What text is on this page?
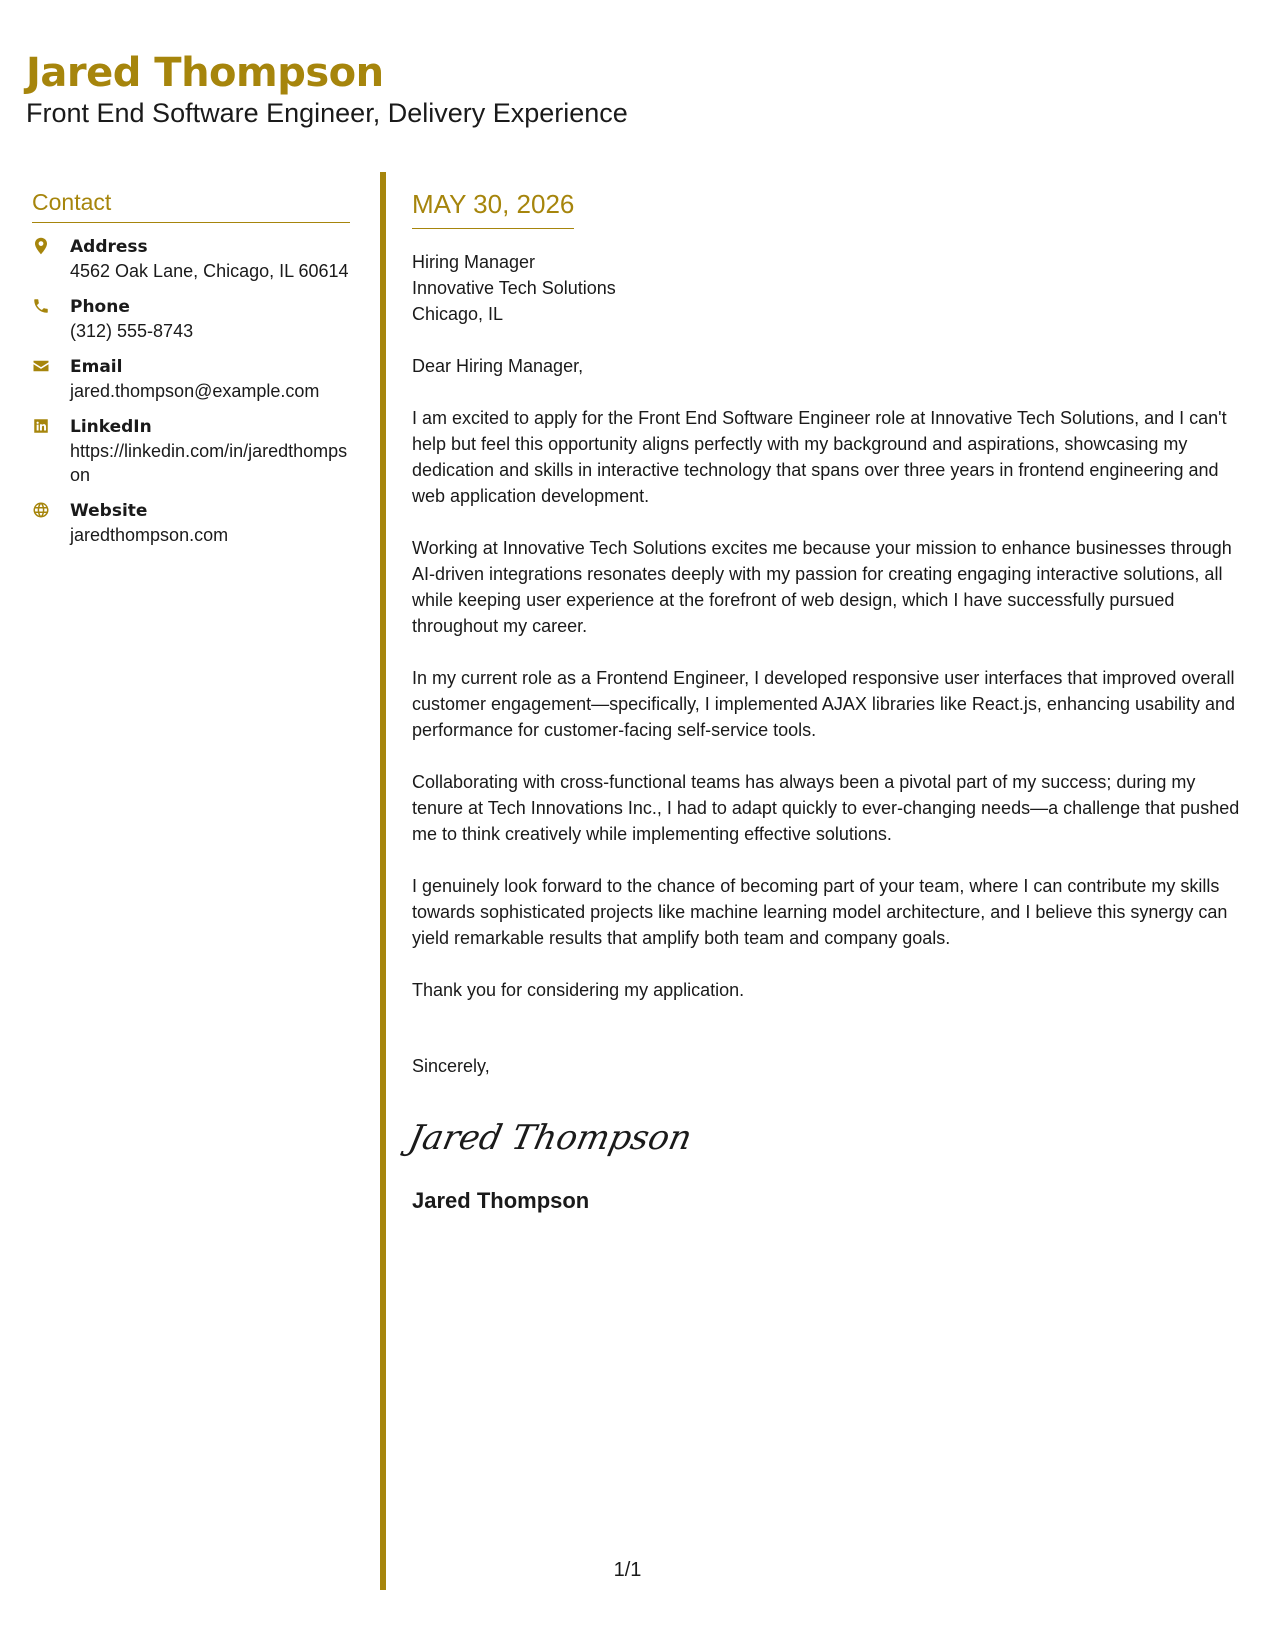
Jared Thompson

Front End Software Engineer, Delivery Experience

Contact
Address
4562 Oak Lane, Chicago, IL 60614
Phone
(312) 555-8743
Email
jared.thompson@example.com
LinkedIn
https://linkedin.com/in/jaredthompson
Website
jaredthompson.com
MAY 30, 2026

Hiring Manager

Innovative Tech Solutions

Chicago, IL

Dear Hiring Manager,

I am excited to apply for the Front End Software Engineer role at Innovative Tech Solutions, and I can't help but feel this opportunity aligns perfectly with my background and aspirations, showcasing my dedication and skills in interactive technology that spans over three years in frontend engineering and web application development.

Working at Innovative Tech Solutions excites me because your mission to enhance businesses through AI-driven integrations resonates deeply with my passion for creating engaging interactive solutions, all while keeping user experience at the forefront of web design, which I have successfully pursued throughout my career.

In my current role as a Frontend Engineer, I developed responsive user interfaces that improved overall customer engagement—specifically, I implemented AJAX libraries like React.js, enhancing usability and performance for customer-facing self-service tools.

Collaborating with cross-functional teams has always been a pivotal part of my success; during my tenure at Tech Innovations Inc., I had to adapt quickly to ever-changing needs—a challenge that pushed me to think creatively while implementing effective solutions.

I genuinely look forward to the chance of becoming part of your team, where I can contribute my skills towards sophisticated projects like machine learning model architecture, and I believe this synergy can yield remarkable results that amplify both team and company goals.

Thank you for considering my application.

Sincerely,

Jared Thompson
Jared Thompson
1/1
